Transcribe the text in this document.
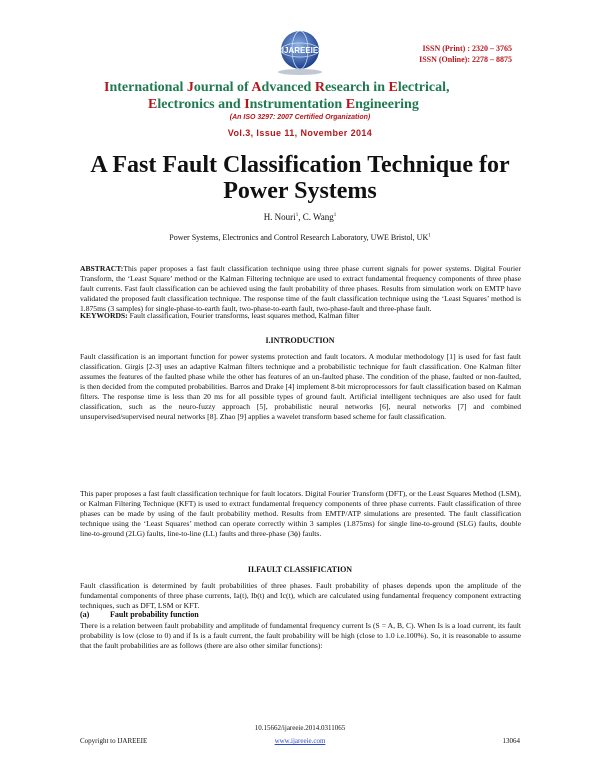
IJAREEIE	ISSN (Print) : 2320 – 3765
ISSN (Online): 2278 – 8875
International Journal of Advanced Research in Electrical,
Electronics and Instrumentation Engineering
(An ISO 3297: 2007 Certified Organization)
Vol.3, Issue 11, November 2014
A Fast Fault Classification Technique for
Power Systems
H. Nouri$^1$, C. Wang$^1$
Power Systems, Electronics and Control Research Laboratory, UWE Bristol, $UK^1$
ABSTRACT:This paper proposes a fast fault classification technique using three phase current signals for power systems. Digital Fourier Transform, the ‘Least Square’ method or the Kalman Filtering technique are used to extract fundamental frequency components of three phase fault currents. Fast fault classification can be achieved using the fault probability of three phases. Results from simulation work on EMTP have validated the proposed fault classification technique. The response time of the fault classification technique using the ‘Least Squares’ method is 1.875ms (3 samples) for single-phase-to-earth fault, two-phase-to-earth fault, two-phase-fault and three-phase fault.
KEYWORDS: Fault classification, Fourier transforms, least squares method, Kalman filter
I.INTRODUCTION
Fault classification is an important function for power systems protection and fault locators. A modular methodology [1] is used for fast fault classification. Girgis [2-3] uses an adaptive Kalman filters technique and a probabilistic technique for fault classification. One Kalman filter assumes the features of the faulted phase while the other has features of an un-faulted phase. The condition of the phase, faulted or non-faulted, is then decided from the computed probabilities. Barros and Drake [4] implement 8-bit microprocessors for fault classification based on Kalman filters. The response time is less than 20 ms for all possible types of ground fault. Artificial intelligent techniques are also used for fault classification, such as the neuro-fuzzy approach [5], probabilistic neural networks [6], neural networks [7] and combined unsupervised/supervised neural networks [8]. Zhao [9] applies a wavelet transform based scheme for fault classification.
This paper proposes a fast fault classification technique for fault locators. Digital Fourier Transform (DFT), or the Least Squares Method (LSM), or Kalman Filtering Technique (KFT) is used to extract fundamental frequency components of three phase currents. Fault classification of three phases can be made by using of the fault probability method. Results from EMTP/ATP simulations are presented. The fault classification technique using the ‘Least Squares’ method can operate correctly within 3 samples (1.875ms) for single line-to-ground (SLG) faults, double line-to-ground (2LG) faults, line-to-line (LL) faults and three-phase (3ϕ) faults.
II.FAULT CLASSIFICATION
Fault classification is determined by fault probabilities of three phases. Fault probability of phases depends upon the amplitude of the fundamental components of three phase currents, Ia(t), Ib(t) and Ic(t), which are calculated using fundamental frequency component extracting techniques, such as DFT, LSM or KFT.
(a)	Fault probability function
There is a relation between fault probability and amplitude of fundamental frequency current Is (S = A, B, C). When Is is a load current, its fault probability is low (close to 0) and if Is is a fault current, the fault probability will be high (close to 1.0 i.e.100%). So, it is reasonable to assume that the fault probabilities are as follows (there are also other similar functions):
10.15662/ijareeie.2014.0311065
Copyright to IJAREEIE	www.ijareeie.com	13064
